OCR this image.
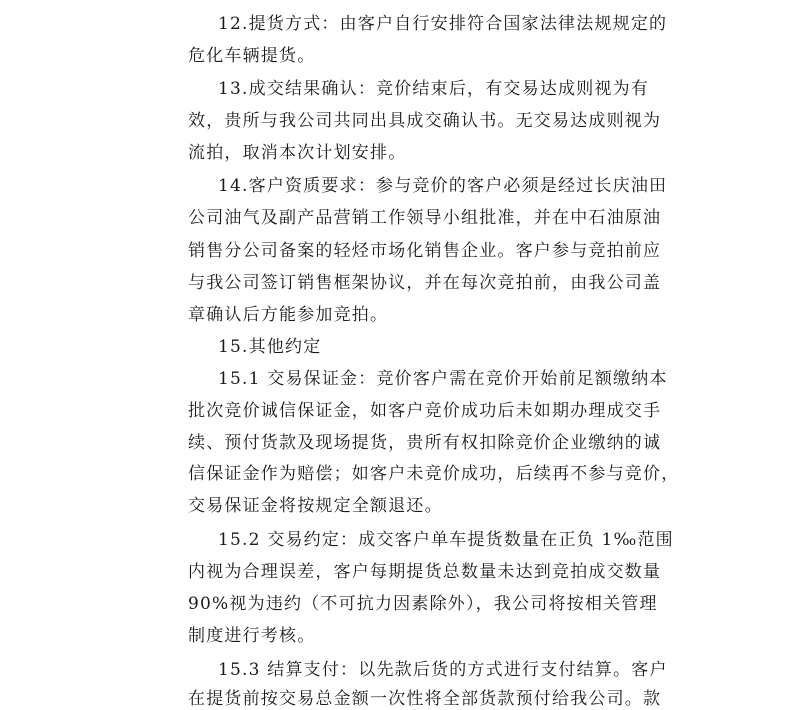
12.提货方式：由客户自行安排符合国家法律法规规定的
危化车辆提货。
13.成交结果确认：竞价结束后，有交易达成则视为有
效，贵所与我公司共同出具成交确认书。无交易达成则视为
流拍，取消本次计划安排。
14.客户资质要求：参与竞价的客户必须是经过长庆油田
公司油气及副产品营销工作领导小组批准，并在中石油原油
销售分公司备案的轻烃市场化销售企业。客户参与竞拍前应
与我公司签订销售框架协议，并在每次竞拍前，由我公司盖
章确认后方能参加竞拍。
15.其他约定
15.1 交易保证金：竞价客户需在竞价开始前足额缴纳本
批次竞价诚信保证金，如客户竞价成功后未如期办理成交手
续、预付货款及现场提货，贵所有权扣除竞价企业缴纳的诚
信保证金作为赔偿；如客户未竞价成功，后续再不参与竞价，
交易保证金将按规定全额退还。
15.2 交易约定：成交客户单车提货数量在正负 1‰范围
内视为合理误差，客户每期提货总数量未达到竞拍成交数量
90%视为违约（不可抗力因素除外），我公司将按相关管理
制度进行考核。
15.3 结算支付：以先款后货的方式进行支付结算。客户
在提货前按交易总金额一次性将全部货款预付给我公司。款
